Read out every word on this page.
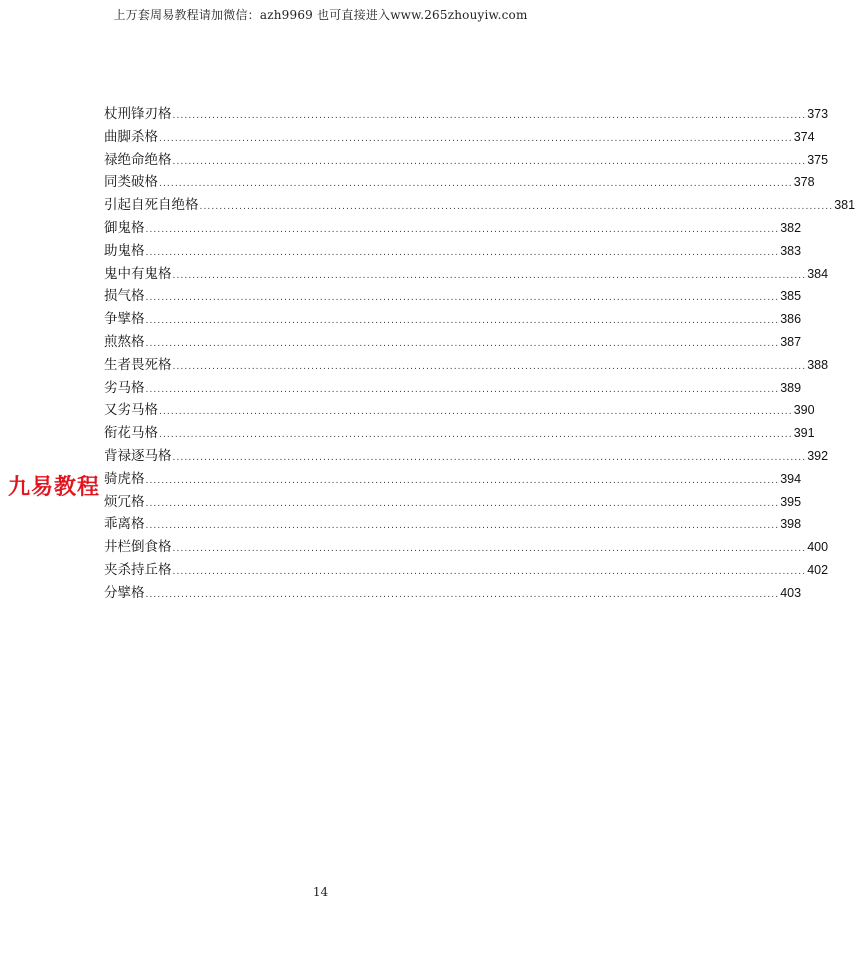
上万套周易教程请加微信：azh9969 也可直接进入www.265zhouyiw.com
杖刑锋刃格 ................................................................................................................................................................ 373
曲脚杀格 ................................................................................................................................................................ 374
禄绝命绝格 ................................................................................................................................................................ 375
同类破格 ................................................................................................................................................................ 378
引起自死自绝格 ................................................................................................................................................................ 381
御鬼格 ................................................................................................................................................................ 382
助鬼格 ................................................................................................................................................................ 383
鬼中有鬼格 ................................................................................................................................................................ 384
损气格 ................................................................................................................................................................ 385
争擘格 ................................................................................................................................................................ 386
煎熬格 ................................................................................................................................................................ 387
生者畏死格 ................................................................................................................................................................ 388
劣马格 ................................................................................................................................................................ 389
又劣马格 ................................................................................................................................................................ 390
衔花马格 ................................................................................................................................................................ 391
背禄逐马格 ................................................................................................................................................................ 392
骑虎格 ................................................................................................................................................................ 394
烦冗格 ................................................................................................................................................................ 395
乖离格 ................................................................................................................................................................ 398
井栏倒食格 ................................................................................................................................................................ 400
夹杀持丘格 ................................................................................................................................................................ 402
分擘格 ................................................................................................................................................................ 403
九易教程
14
